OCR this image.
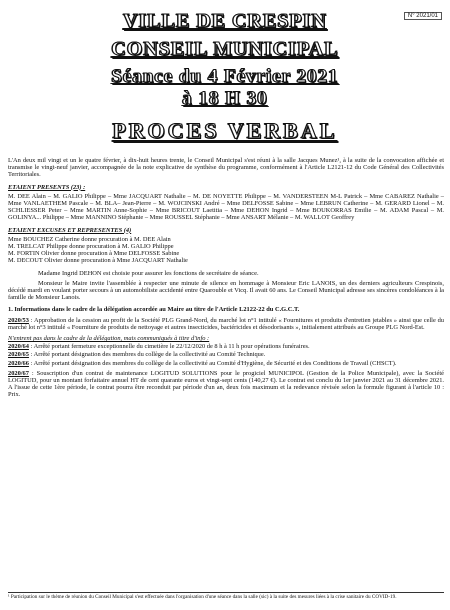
N° 2021/01
VILLE DE CRESPIN
CONSEIL MUNICIPAL
Séance du 4 Février 2021
à 18 H 30
PROCES VERBAL

L'An deux mil vingt et un le quatre février, à dix-huit heures trente, le Conseil Municipal s'est réuni à la salle Jacques Munez¹, à la suite de la convocation affichée et transmise le vingt-neuf janvier, accompagnée de la note explicative de synthèse du programme, conformément à l'Article L2121-12 du Code Général des Collectivités Territoriales.

ETAIENT PRESENTS (23) :

M. DEE Alain – M. GALIO Philippe – Mme JACQUART Nathalie – M. DE NOYETTE Philippe – M. VANDERSTEEN M-L Patrick – Mme CABAREZ Nathalie – Mme VANLAETHEM Pascale – M. BLA– Jean-Pierre – M. WOJCINSKI André – Mme DELFOSSE Sabine – Mme LEBRUN Catherine – M. GERARD Lionel – M. SCHLIESSER Peter – Mme MARTIN Anne-Sophie – Mme BRICOUT Laetitia – Mme DEHON Ingrid – Mme BOUKORRAS Emilie – M. ADAM Pascal – M. GOLINYA... Philippe – Mme MANNINO Stéphanie – Mme ROUSSEL Stéphanie – Mme ANSART Mélanie – M. WALLOT Geoffrey

ETAIENT EXCUSES ET REPRESENTES (4)
Mme BOUCHEZ Catherine donne procuration à M. DEE Alain
M. TRELCAT Philippe donne procuration à M. GALIO Philippe
M. FORTIN Olivier donne procuration à Mme DELFOSSE Sabine
M. DECOUT Olivier donne procuration à Mme JACQUART Nathalie

Madame Ingrid DEHON est choisie pour assurer les fonctions de secrétaire de séance.

Monsieur le Maire invite l'assemblée à respecter une minute de silence en hommage à Monsieur Eric LANOIS, un des derniers agriculteurs Crespinois, décédé mardi en voulant porter secours à un automobiliste accidenté entre Quarouble et Vicq. Il avait 60 ans. Le Conseil Municipal adresse ses sincères condoléances à la famille de Monsieur Lanois.

1. Informations dans le cadre de la délégation accordée au Maire au titre de l'Article L2122-22 du C.G.C.T.

2020/53 : Approbation de la cession au profit de la Société PLG Grand-Nord, du marché lot n°1 intitulé « Fournitures et produits d'entretien jetables » ainsi que celle du marché lot n°3 intitulé « Fourniture de produits de nettoyage et autres insecticides, bactéricides et désodorisants », initialement attribués au Groupe PLG Nord-Est.

N'entrent pas dans le cadre de la délégation, mais communiqués à titre d'info :

2020/64 : Arrêté portant fermeture exceptionnelle du cimetière le 22/12/2020 de 8 h à 11 h pour opérations funéraires.

2020/65 : Arrêté portant désignation des membres du collège de la collectivité au Comité Technique.

2020/66 : Arrêté portant désignation des membres du collège de la collectivité au Comité d'Hygiène, de Sécurité et des Conditions de Travail (CHSCT).

2020/67 : Souscription d'un contrat de maintenance LOGITUD SOLUTIONS pour le progiciel MUNICIPOL (Gestion de la Police Municipale), avec la Société LOGITUD, pour un montant forfaitaire annuel HT de cent quarante euros et vingt-sept cents (140,27 €). Le contrat est conclu du 1er janvier 2021 au 31 décembre 2021. A l'issue de cette 1ère période, le contrat pourra être reconduit par période d'un an, deux fois maximum et la redevance révisée selon la formule figurant à l'article 10 : Prix.

¹ Participation sur le thème de réunion du Conseil Municipal s'est effectuée dans l'organisation d'une séance dans la salle (sic) à la suite des mesures liées à la crise sanitaire du COVID-19.
